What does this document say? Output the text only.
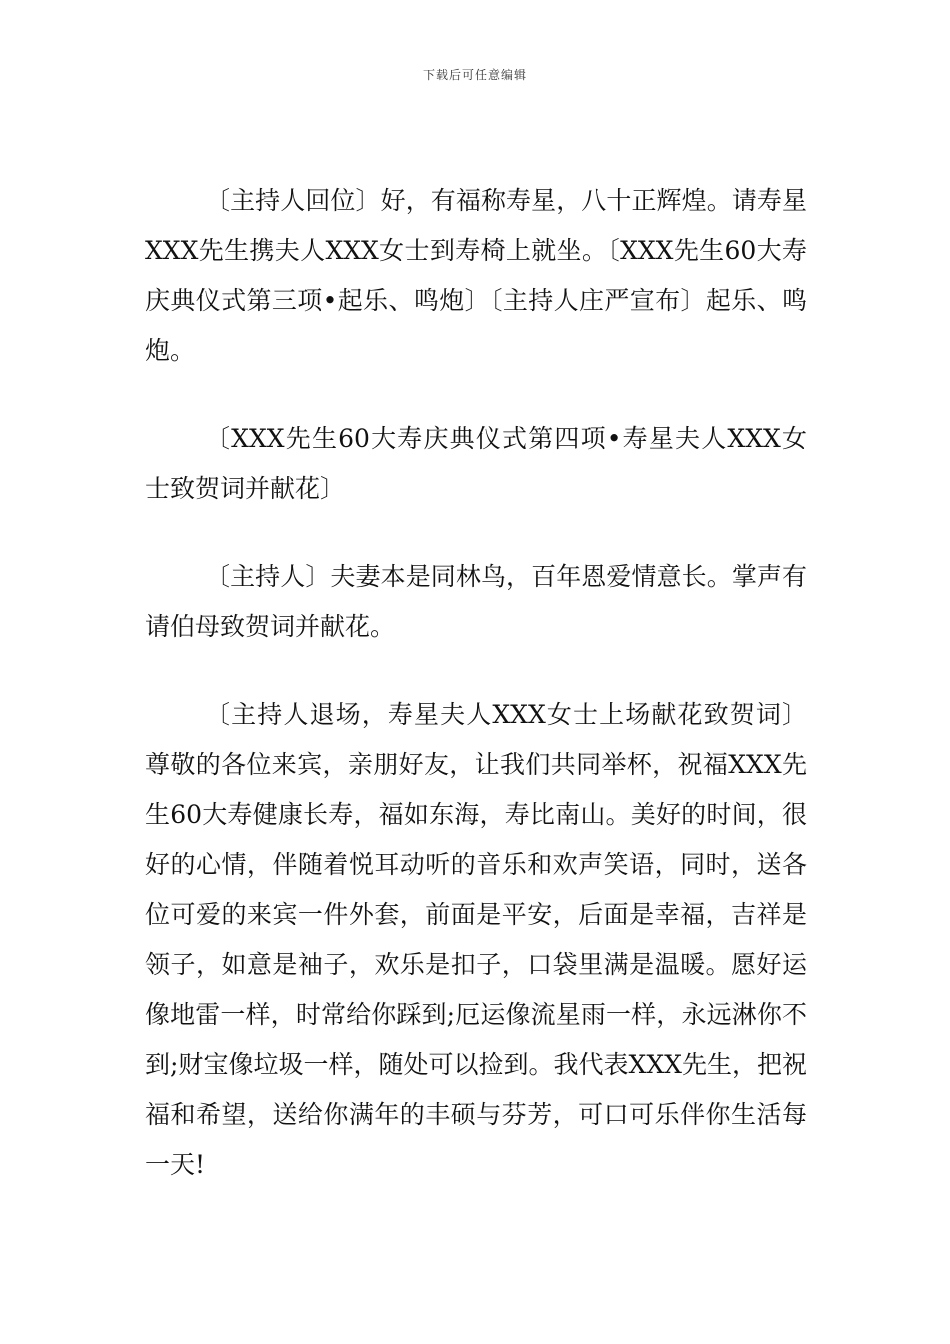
下载后可任意编辑

〔主持人回位〕好，有福称寿星，八十正辉煌。请寿星XXX先生携夫人XXX女士到寿椅上就坐。〔XXX先生60大寿庆典仪式第三项•起乐、鸣炮〕〔主持人庄严宣布〕起乐、鸣炮。

〔XXX先生60大寿庆典仪式第四项•寿星夫人XXX女士致贺词并献花〕

〔主持人〕夫妻本是同林鸟，百年恩爱情意长。掌声有请伯母致贺词并献花。

〔主持人退场，寿星夫人XXX女士上场献花致贺词〕尊敬的各位来宾，亲朋好友，让我们共同举杯，祝福XXX先生60大寿健康长寿，福如东海，寿比南山。美好的时间，很好的心情，伴随着悦耳动听的音乐和欢声笑语，同时，送各位可爱的来宾一件外套，前面是平安，后面是幸福，吉祥是领子，如意是袖子，欢乐是扣子，口袋里满是温暖。愿好运像地雷一样，时常给你踩到;厄运像流星雨一样，永远淋你不到;财宝像垃圾一样，随处可以捡到。我代表XXX先生，把祝福和希望，送给你满年的丰硕与芬芳，可口可乐伴你生活每一天!
